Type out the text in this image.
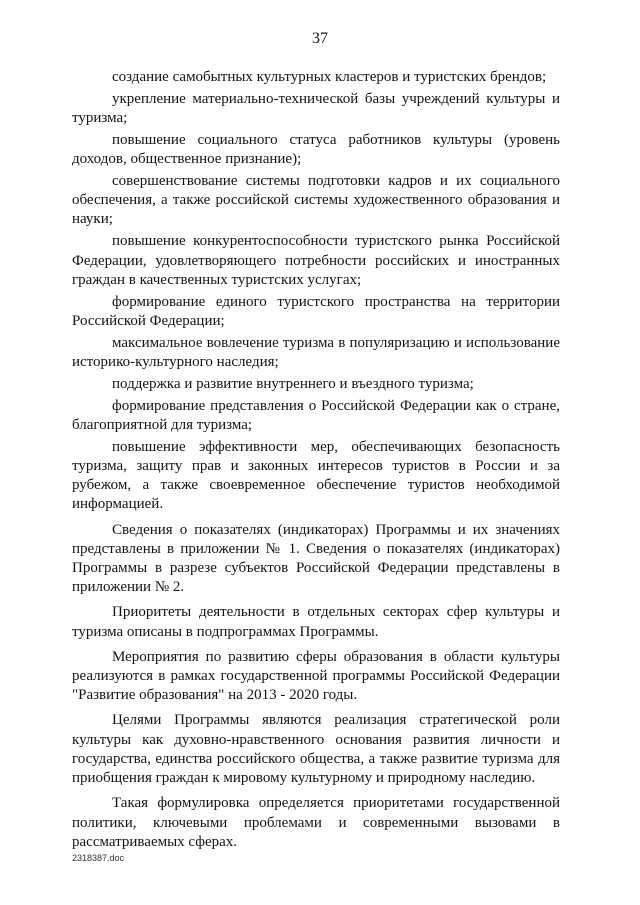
37

создание самобытных культурных кластеров и туристских брендов;

укрепление материально-технической базы учреждений культуры и туризма;

повышение социального статуса работников культуры (уровень доходов, общественное признание);

совершенствование системы подготовки кадров и их социального обеспечения, а также российской системы художественного образования и науки;

повышение конкурентоспособности туристского рынка Российской Федерации, удовлетворяющего потребности российских и иностранных граждан в качественных туристских услугах;

формирование единого туристского пространства на территории Российской Федерации;

максимальное вовлечение туризма в популяризацию и использование историко-культурного наследия;

поддержка и развитие внутреннего и въездного туризма;

формирование представления о Российской Федерации как о стране, благоприятной для туризма;

повышение эффективности мер, обеспечивающих безопасность туризма, защиту прав и законных интересов туристов в России и за рубежом, а также своевременное обеспечение туристов необходимой информацией.

Сведения о показателях (индикаторах) Программы и их значениях представлены в приложении № 1. Сведения о показателях (индикаторах) Программы в разрезе субъектов Российской Федерации представлены в приложении № 2.

Приоритеты деятельности в отдельных секторах сфер культуры и туризма описаны в подпрограммах Программы.

Мероприятия по развитию сферы образования в области культуры реализуются в рамках государственной программы Российской Федерации "Развитие образования" на 2013 - 2020 годы.

Целями Программы являются реализация стратегической роли культуры как духовно-нравственного основания развития личности и государства, единства российского общества, а также развитие туризма для приобщения граждан к мировому культурному и природному наследию.

Такая формулировка определяется приоритетами государственной политики, ключевыми проблемами и современными вызовами в рассматриваемых сферах.

2318387.doc
